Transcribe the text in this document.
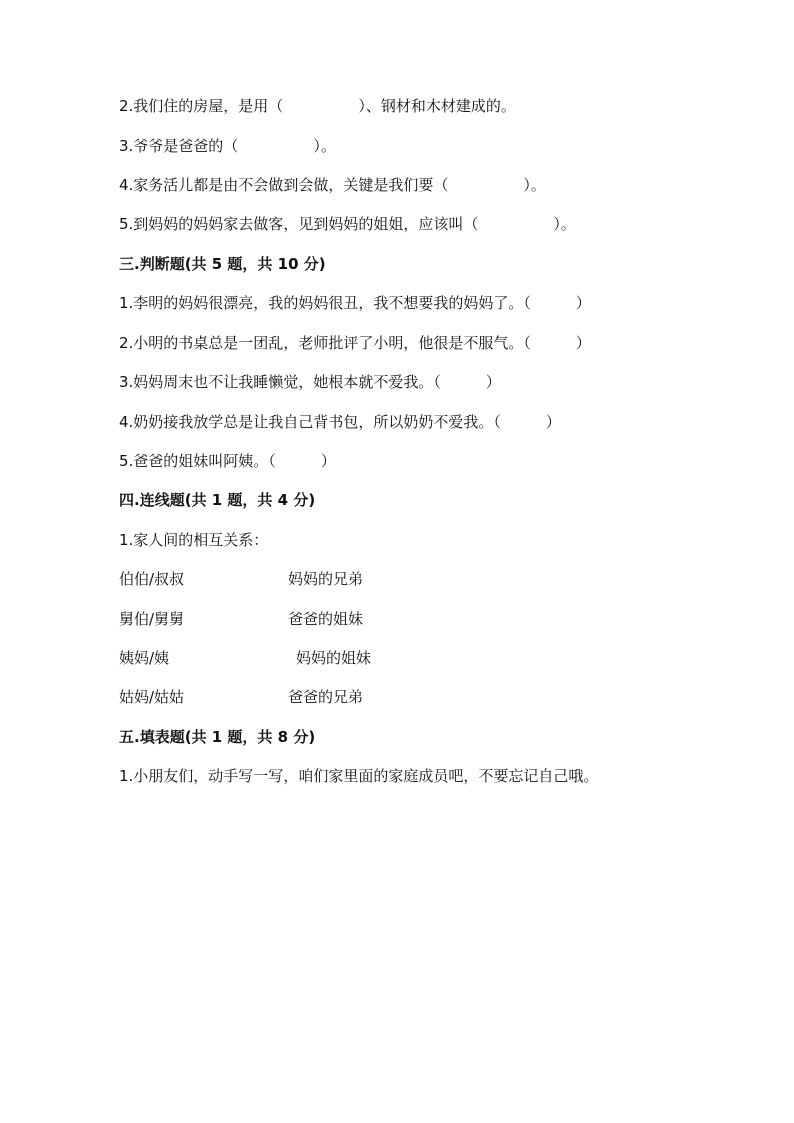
2.我们住的房屋，是用（　　　　　）、钢材和木材建成的。
3.爷爷是爸爸的（　　　　　）。
4.家务活儿都是由不会做到会做，关键是我们要（　　　　　）。
5.到妈妈的妈妈家去做客，见到妈妈的姐姐，应该叫（　　　　　）。
三.判断题(共 5 题，共 10 分)
1.李明的妈妈很漂亮，我的妈妈很丑，我不想要我的妈妈了。（　　　）
2.小明的书桌总是一团乱，老师批评了小明，他很是不服气。（　　　）
3.妈妈周末也不让我睡懒觉，她根本就不爱我。（　　　）
4.奶奶接我放学总是让我自己背书包，所以奶奶不爱我。（　　　）
5.爸爸的姐妹叫阿姨。（　　　）
四.连线题(共 1 题，共 4 分)
1.家人间的相互关系：
伯伯/叔叔	妈妈的兄弟
舅伯/舅舅	爸爸的姐妹
姨妈/姨	妈妈的姐妹
姑妈/姑姑	爸爸的兄弟
五.填表题(共 1 题，共 8 分)
1.小朋友们，动手写一写，咱们家里面的家庭成员吧，不要忘记自己哦。
